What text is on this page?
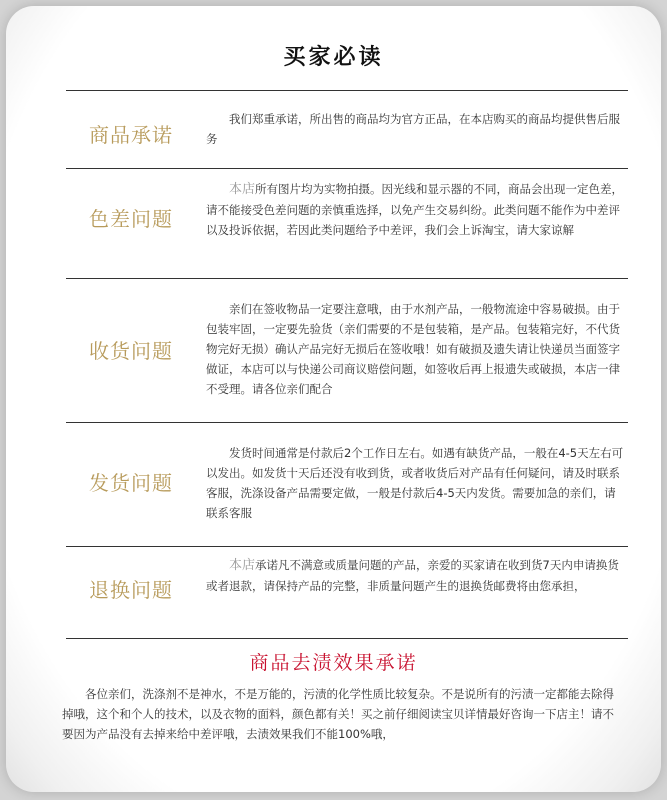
买家必读
商品承诺
我们郑重承诺，所出售的商品均为官方正品，在本店购买的商品均提供售后服务
色差问题
本店所有图片均为实物拍摄。因光线和显示器的不同，商品会出现一定色差，请不能接受色差问题的亲慎重选择，以免产生交易纠纷。此类问题不能作为中差评以及投诉依据，若因此类问题给予中差评，我们会上诉淘宝，请大家谅解
收货问题
亲们在签收物品一定要注意哦，由于水剂产品，一般物流途中容易破损。由于包装牢固，一定要先验货（亲们需要的不是包装箱，是产品。包装箱完好，不代货物完好无损）确认产品完好无损后在签收哦！如有破损及遗失请让快递员当面签字做证，本店可以与快递公司商议赔偿问题，如签收后再上报遗失或破损，本店一律不受理。请各位亲们配合
发货问题
发货时间通常是付款后2个工作日左右。如遇有缺货产品，一般在4-5天左右可以发出。如发货十天后还没有收到货，或者收货后对产品有任何疑问，请及时联系客服，洗涤设备产品需要定做，一般是付款后4-5天内发货。需要加急的亲们，请联系客服
退换问题
本店承诺凡不满意或质量问题的产品，亲爱的买家请在收到货7天内申请换货或者退款，请保持产品的完整，非质量问题产生的退换货邮费将由您承担，
商品去渍效果承诺
各位亲们，洗涤剂不是神水，不是万能的，污渍的化学性质比较复杂。不是说所有的污渍一定都能去除得掉哦，这个和个人的技术，以及衣物的面料，颜色都有关！买之前仔细阅读宝贝详情最好咨询一下店主！请不要因为产品没有去掉来给中差评哦，去渍效果我们不能100%哦，
